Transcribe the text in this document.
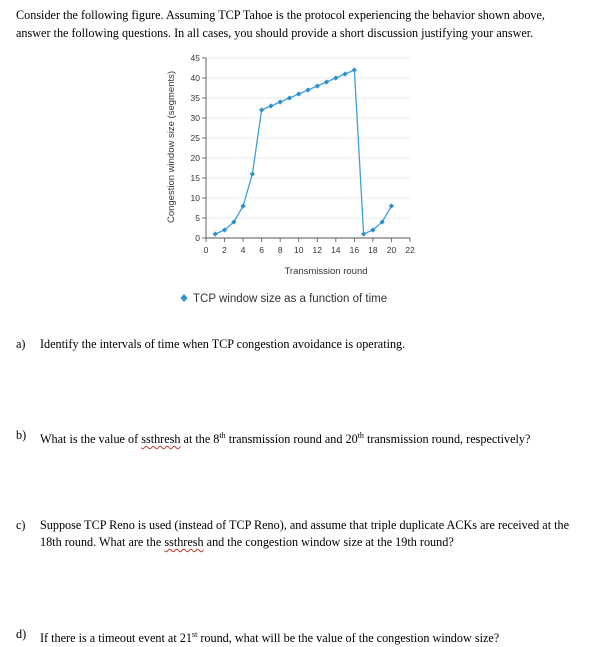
Consider the following figure. Assuming TCP Tahoe is the protocol experiencing the behavior shown above, answer the following questions. In all cases, you should provide a short discussion justifying your answer.
0
5
10
15
20
25
30
35
40
45
0 2 4 6 8 10 12 14 16 18 20 22
Congestion window size (segments)
Transmission round
TCP window size as a function of time
a) Identify the intervals of time when TCP congestion avoidance is operating.
b) What is the value of ssthresh at the 8th transmission round and 20th transmission round, respectively?
c) Suppose TCP Reno is used (instead of TCP Reno), and assume that triple duplicate ACKs are received at the 18th round. What are the ssthresh and the congestion window size at the 19th round?
d) If there is a timeout event at 21st round, what will be the value of the congestion window size?
